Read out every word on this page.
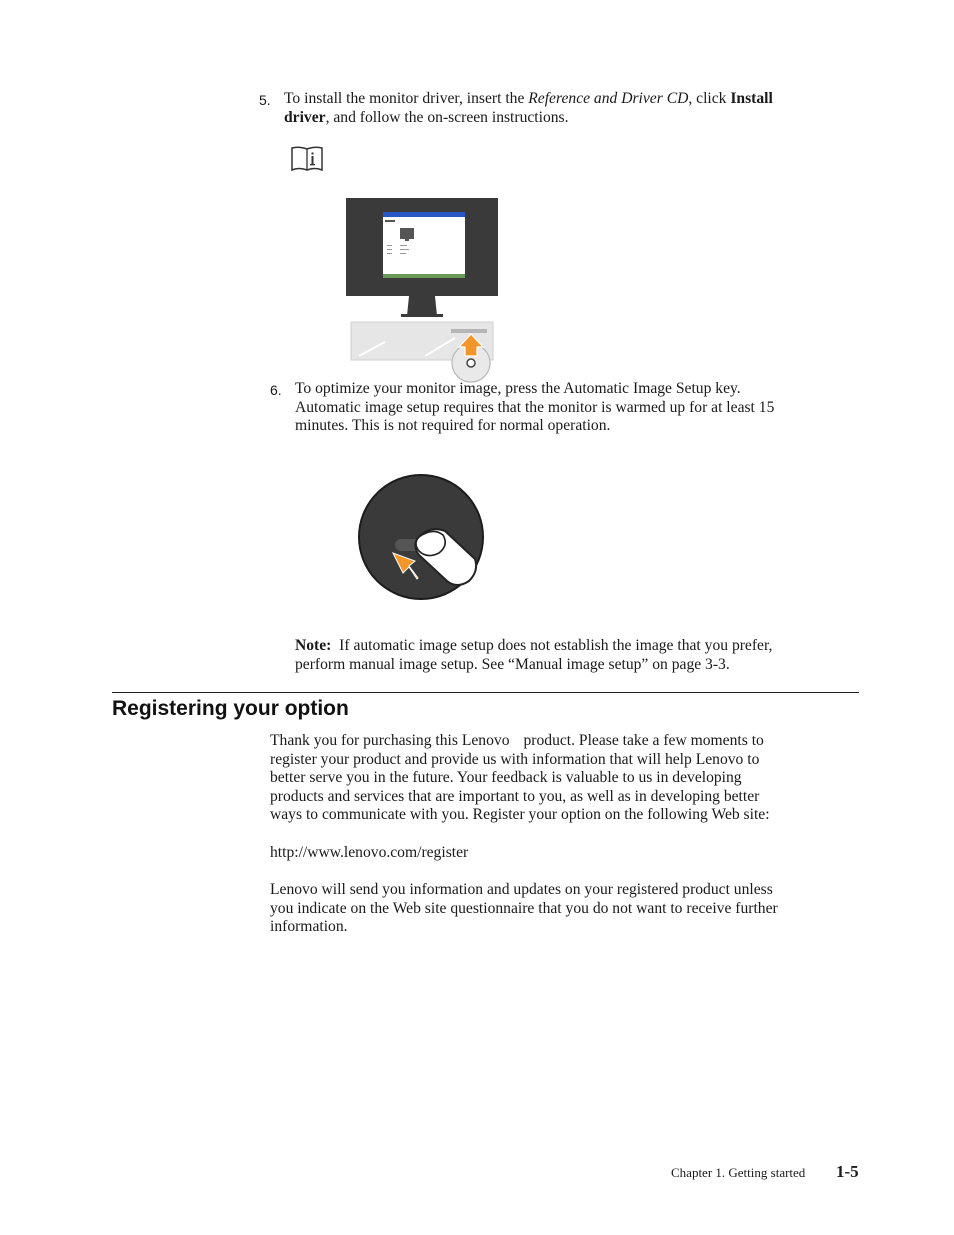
5. To install the monitor driver, insert the Reference and Driver CD, click Install
driver, and follow the on-screen instructions.
6. To optimize your monitor image, press the Automatic Image Setup key.
Automatic image setup requires that the monitor is warmed up for at least 15
minutes. This is not required for normal operation.
Note: If automatic image setup does not establish the image that you prefer,
perform manual image setup. See “Manual image setup” on page 3-3.
Registering your option
Thank you for purchasing this Lenovo product. Please take a few moments to
register your product and provide us with information that will help Lenovo to
better serve you in the future. Your feedback is valuable to us in developing
products and services that are important to you, as well as in developing better
ways to communicate with you. Register your option on the following Web site:
http://www.lenovo.com/register
Lenovo will send you information and updates on your registered product unless
you indicate on the Web site questionnaire that you do not want to receive further
information.
Chapter 1. Getting started 1-5
